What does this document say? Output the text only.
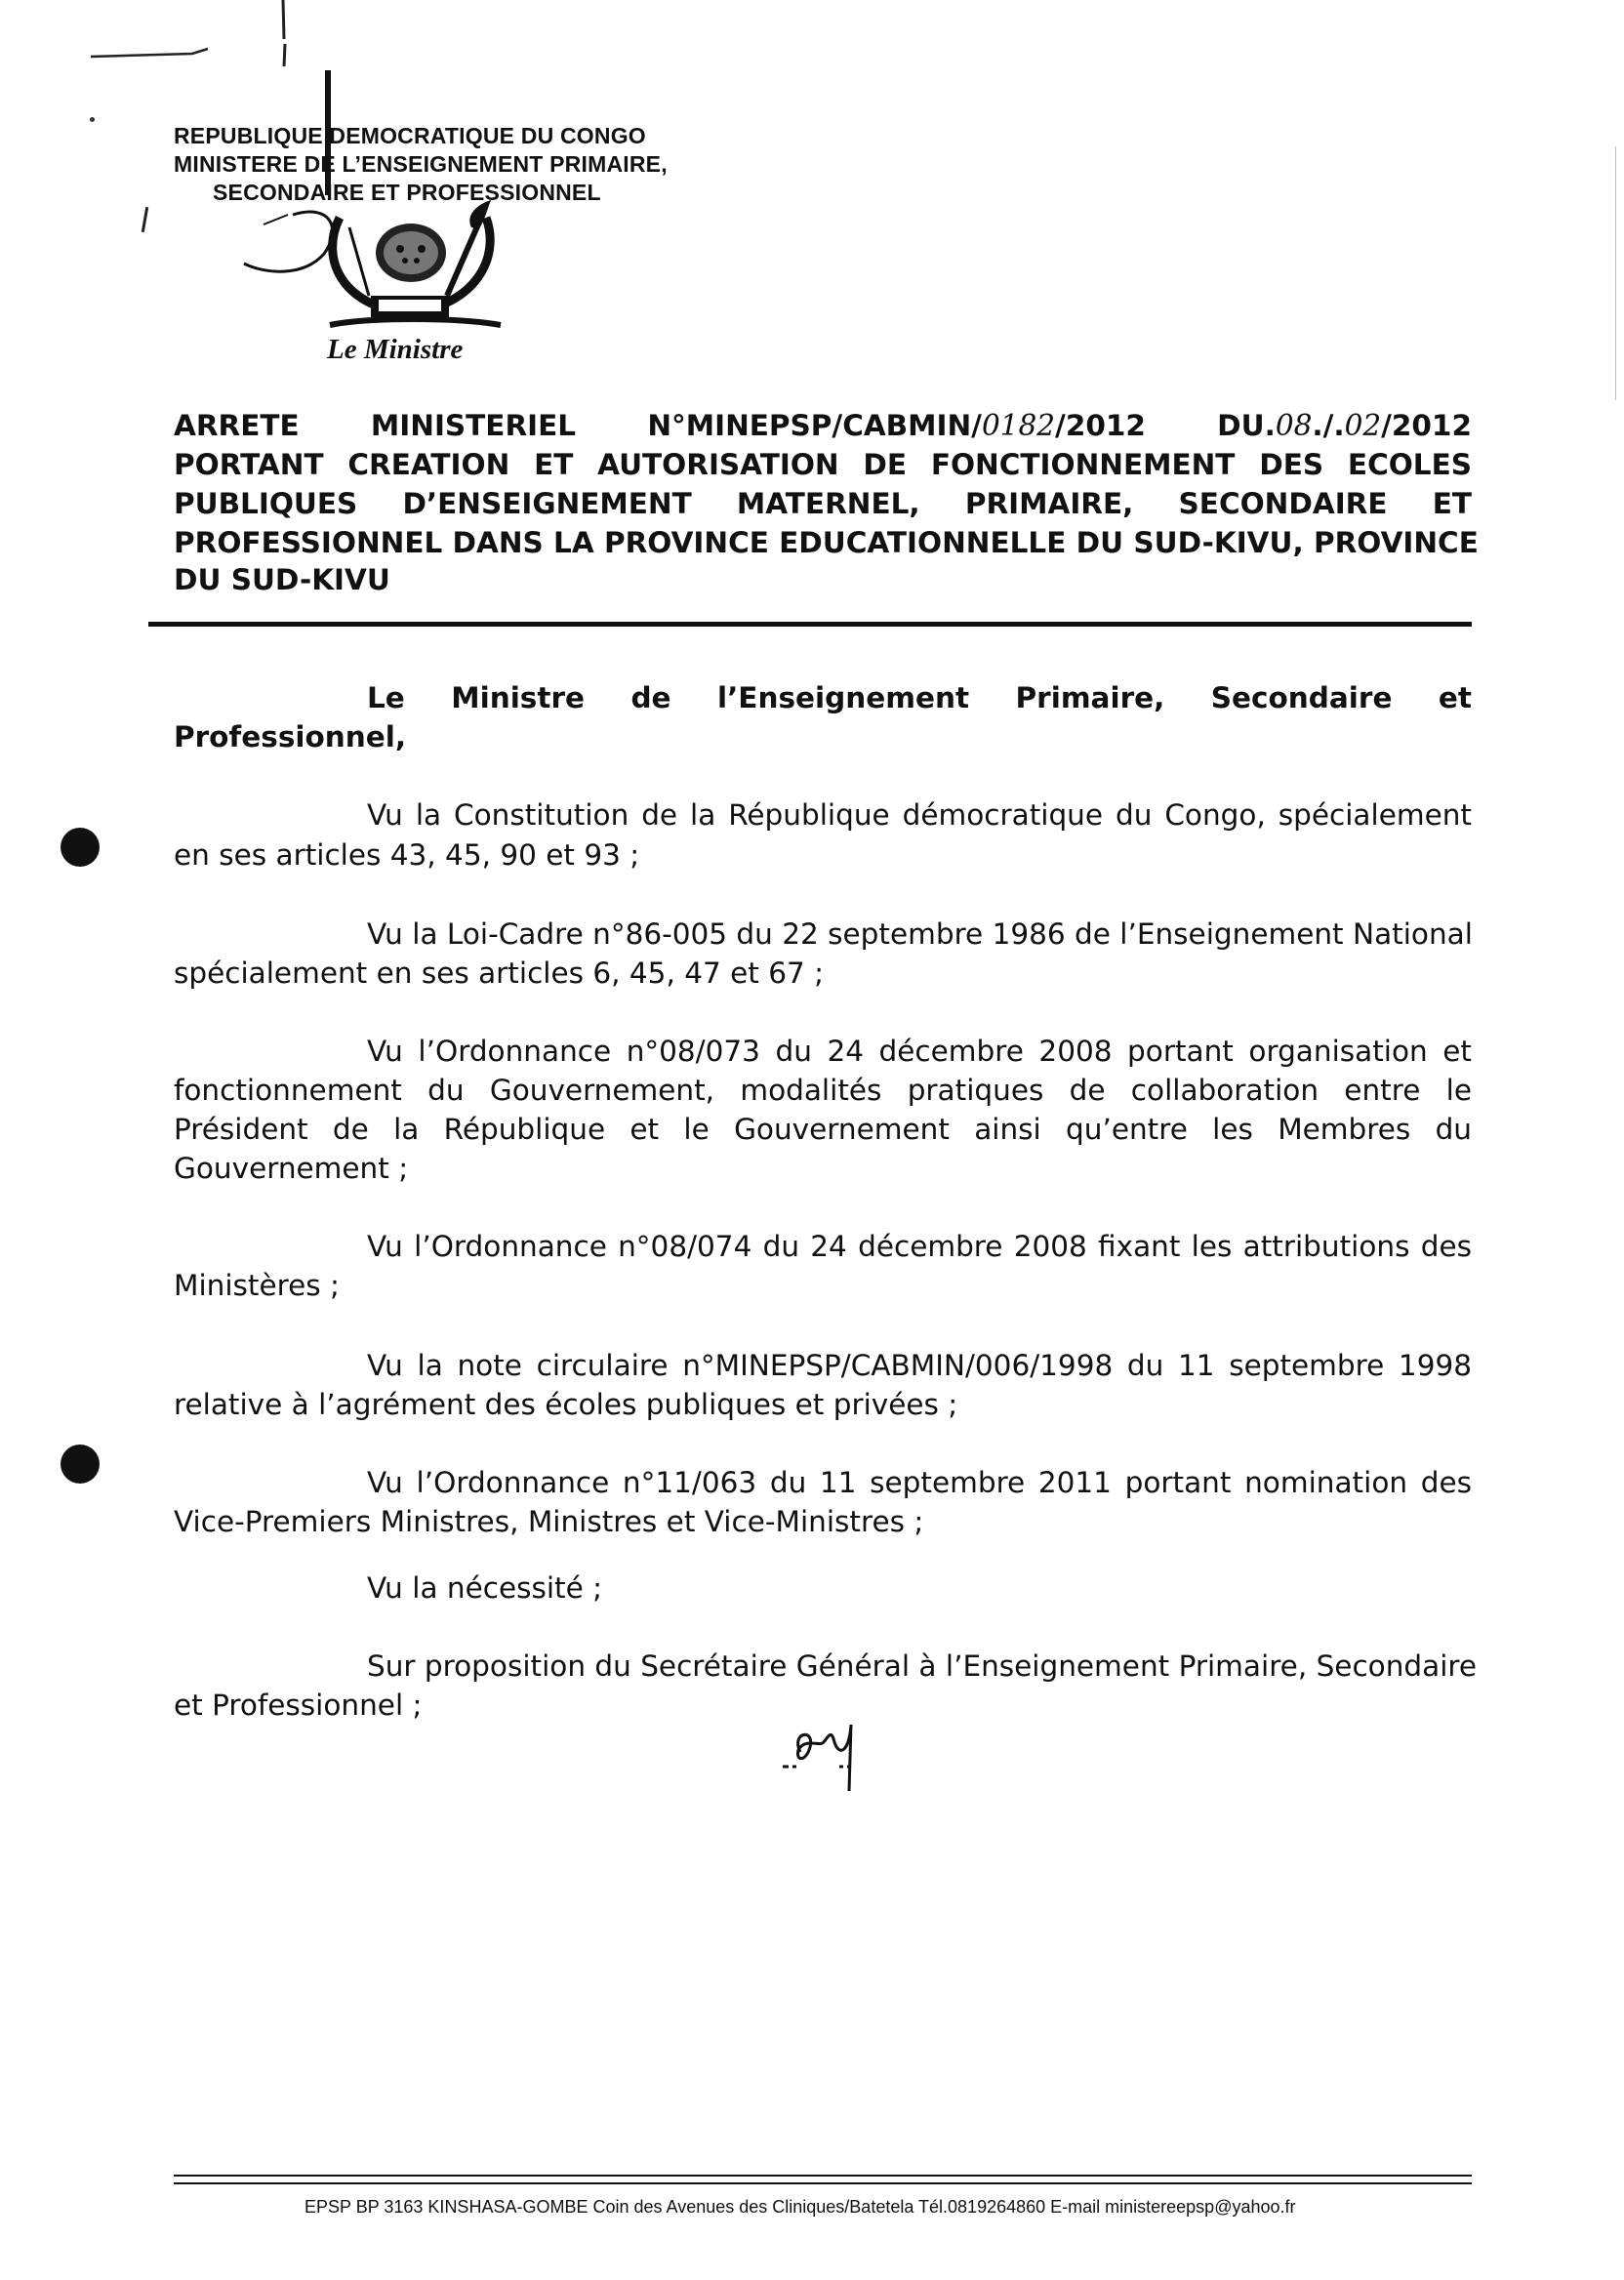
REPUBLIQUE DEMOCRATIQUE DU CONGO
MINISTERE DE L’ENSEIGNEMENT PRIMAIRE,
SECONDAIRE ET PROFESSIONNEL
Le Ministre
ARRETE MINISTERIEL N°MINEPSP/CABMIN/0182/2012 DU.08./.02/2012
PORTANT CREATION ET AUTORISATION DE FONCTIONNEMENT DES ECOLES
PUBLIQUES D’ENSEIGNEMENT MATERNEL, PRIMAIRE, SECONDAIRE ET
PROFESSIONNEL DANS LA PROVINCE EDUCATIONNELLE DU SUD-KIVU, PROVINCE
DU SUD-KIVU
Le Ministre de l’Enseignement Primaire, Secondaire et
Professionnel,
Vu la Constitution de la République démocratique du Congo, spécialement
en ses articles 43, 45, 90 et 93 ;
Vu la Loi-Cadre n°86-005 du 22 septembre 1986 de l’Enseignement National
spécialement en ses articles 6, 45, 47 et 67 ;
Vu l’Ordonnance n°08/073 du 24 décembre 2008 portant organisation et
fonctionnement du Gouvernement, modalités pratiques de collaboration entre le
Président de la République et le Gouvernement ainsi qu’entre les Membres du
Gouvernement ;
Vu l’Ordonnance n°08/074 du 24 décembre 2008 fixant les attributions des
Ministères ;
Vu la note circulaire n°MINEPSP/CABMIN/006/1998 du 11 septembre 1998
relative à l’agrément des écoles publiques et privées ;
Vu l’Ordonnance n°11/063 du 11 septembre 2011 portant nomination des
Vice-Premiers Ministres, Ministres et Vice-Ministres ;
Vu la nécessité ;
Sur proposition du Secrétaire Général à l’Enseignement Primaire, Secondaire
et Professionnel ;
EPSP BP 3163 KINSHASA-GOMBE Coin des Avenues des Cliniques/Batetela Tél.0819264860 E-mail ministereepsp@yahoo.fr
